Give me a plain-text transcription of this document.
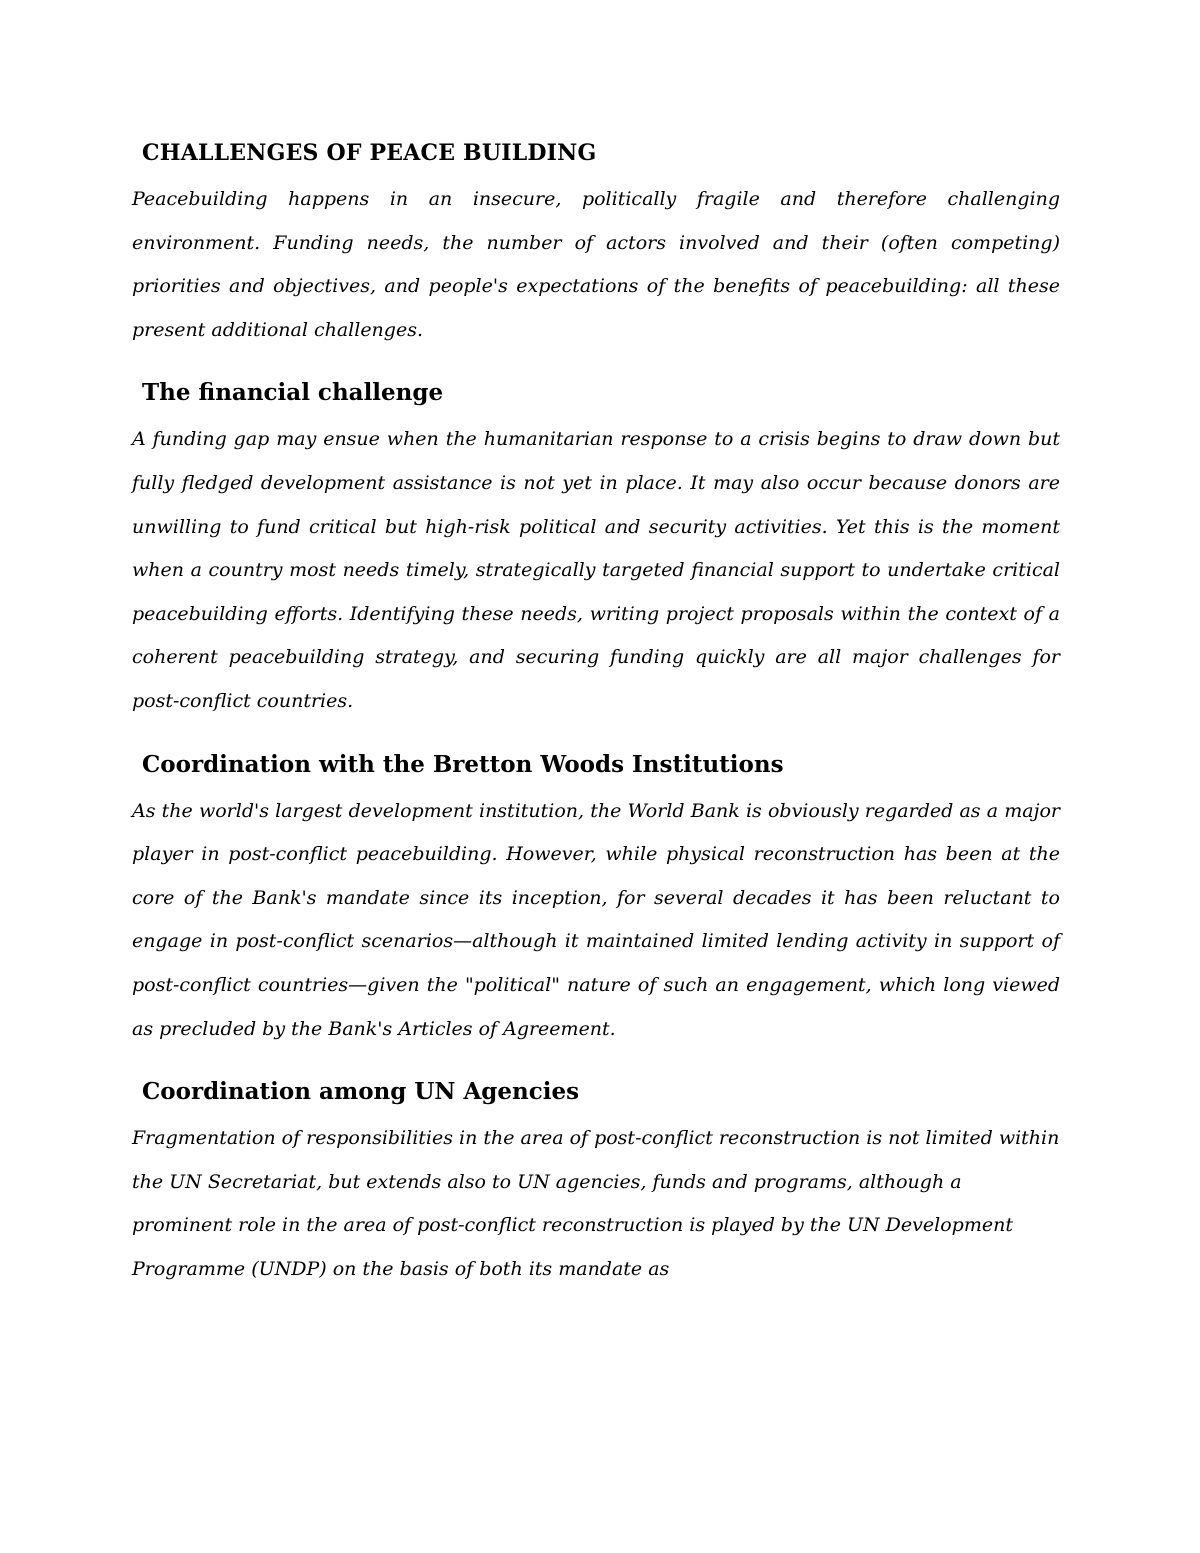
CHALLENGES OF PEACE BUILDING

Peacebuilding happens in an insecure, politically fragile and therefore challenging environment. Funding needs, the number of actors involved and their (often competing) priorities and objectives, and people's expectations of the benefits of peacebuilding: all these present additional challenges.

The financial challenge

A funding gap may ensue when the humanitarian response to a crisis begins to draw down but fully fledged development assistance is not yet in place. It may also occur because donors are unwilling to fund critical but high-risk political and security activities. Yet this is the moment when a country most needs timely, strategically targeted financial support to undertake critical peacebuilding efforts. Identifying these needs, writing project proposals within the context of a coherent peacebuilding strategy, and securing funding quickly are all major challenges for post-conflict countries.

Coordination with the Bretton Woods Institutions

As the world's largest development institution, the World Bank is obviously regarded as a major player in post-conflict peacebuilding. However, while physical reconstruction has been at the core of the Bank's mandate since its inception, for several decades it has been reluctant to engage in post-conflict scenarios—although it maintained limited lending activity in support of post-conflict countries—given the "political" nature of such an engagement, which long viewed as precluded by the Bank's Articles of Agreement.

Coordination among UN Agencies

Fragmentation of responsibilities in the area of post-conflict reconstruction is not limited within the UN Secretariat, but extends also to UN agencies, funds and programs, although a prominent role in the area of post-conflict reconstruction is played by the UN Development Programme (UNDP) on the basis of both its mandate as
